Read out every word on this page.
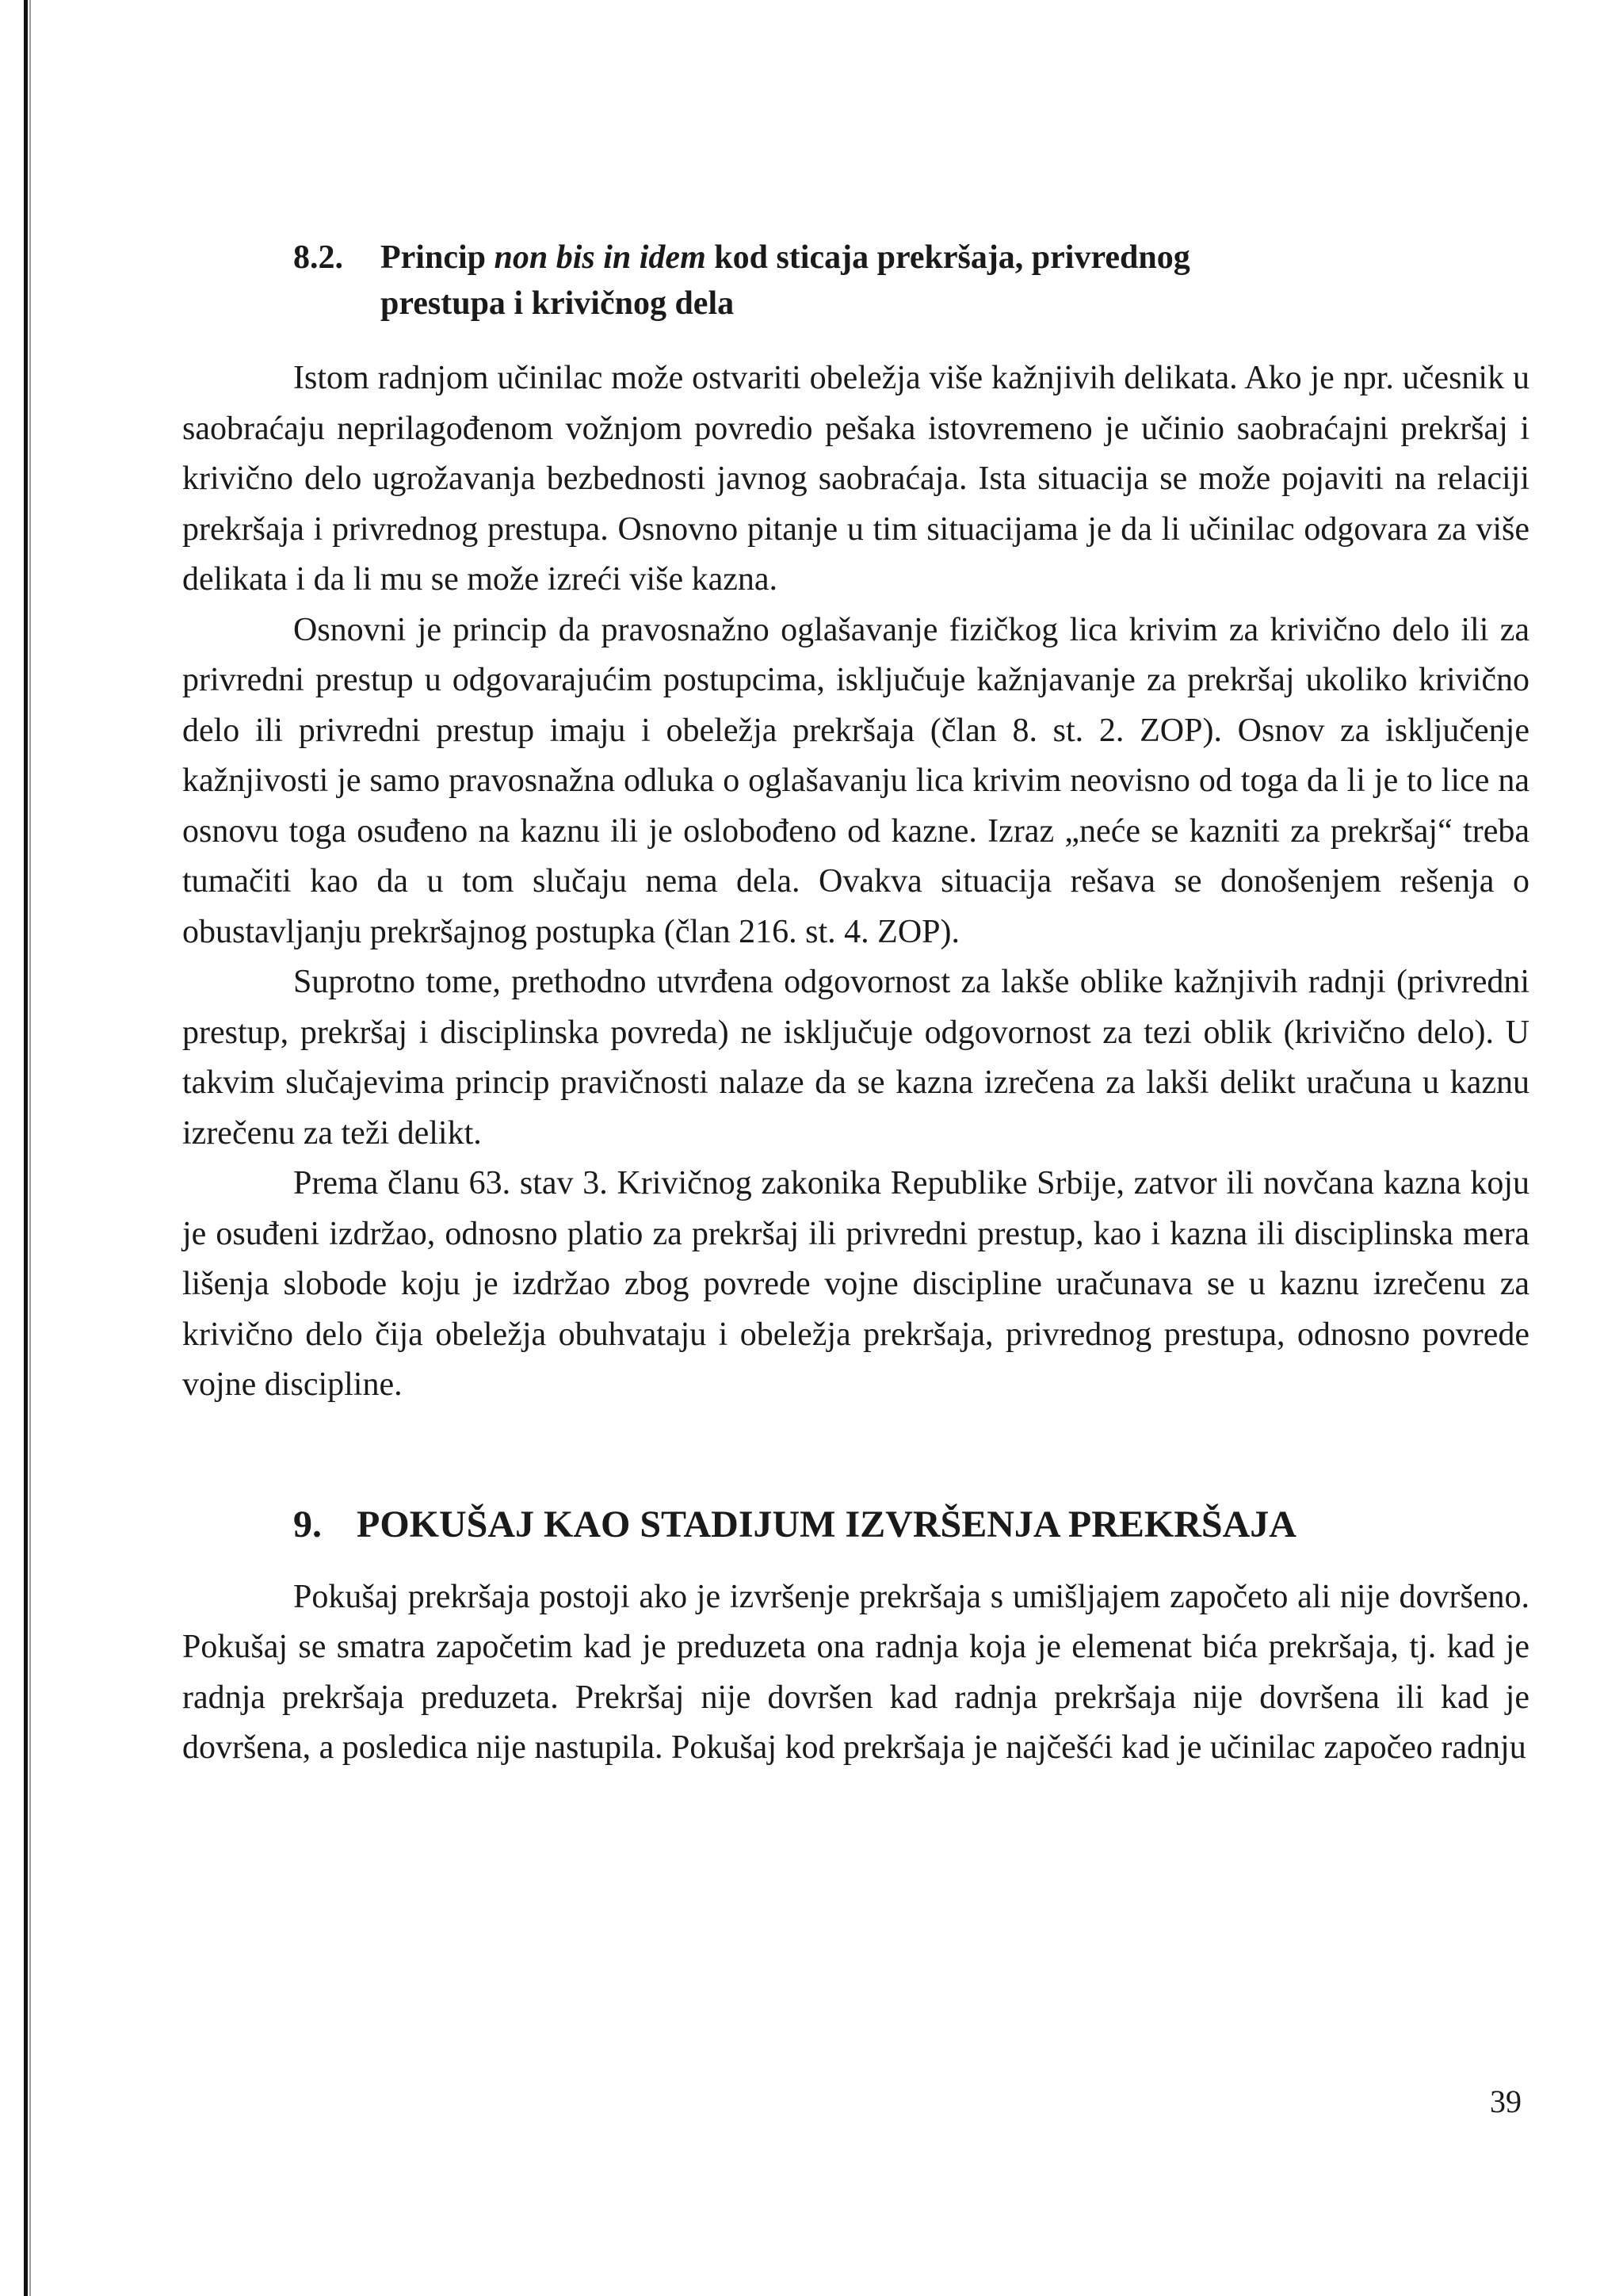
8.2.	Princip non bis in idem kod sticaja prekršaja, privrednog prestupa i krivičnog dela

Istom radnjom učinilac može ostvariti obeležja više kažnjivih delikata. Ako je npr. učesnik u saobraćaju neprilagođenom vožnjom povredio pešaka istovremeno je učinio saobraćajni prekršaj i krivično delo ugrožavanja bezbednosti javnog saobraćaja. Ista situacija se može pojaviti na relaciji prekršaja i privrednog prestupa. Osnovno pitanje u tim situacijama je da li učinilac odgovara za više delikata i da li mu se može izreći više kazna.

Osnovni je princip da pravosnažno oglašavanje fizičkog lica krivim za krivično delo ili za privredni prestup u odgovarajućim postupcima, isključuje kažnjavanje za prekršaj ukoliko krivično delo ili privredni prestup imaju i obeležja prekršaja (član 8. st. 2. ZOP). Osnov za isključenje kažnjivosti je samo pravosnažna odluka o oglašavanju lica krivim neovisno od toga da li je to lice na osnovu toga osuđeno na kaznu ili je oslobođeno od kazne. Izraz „neće se kazniti za prekršaj“ treba tumačiti kao da u tom slučaju nema dela. Ovakva situacija rešava se donošenjem rešenja o obustavljanju prekršajnog postupka (član 216. st. 4. ZOP).

Suprotno tome, prethodno utvrđena odgovornost za lakše oblike kažnjivih radnji (privredni prestup, prekršaj i disciplinska povreda) ne isključuje odgovornost za tezi oblik (krivično delo). U takvim slučajevima princip pravičnosti nalaze da se kazna izrečena za lakši delikt uračuna u kaznu izrečenu za teži delikt.

Prema članu 63. stav 3. Krivičnog zakonika Republike Srbije, zatvor ili novčana kazna koju je osuđeni izdržao, odnosno platio za prekršaj ili privredni prestup, kao i kazna ili disciplinska mera lišenja slobode koju je izdržao zbog povrede vojne discipline uračunava se u kaznu izrečenu za krivično delo čija obeležja obuhvataju i obeležja prekršaja, privrednog prestupa, odnosno povrede vojne discipline.

9. POKUŠAJ KAO STADIJUM IZVRŠENJA PREKRŠAJA

Pokušaj prekršaja postoji ako je izvršenje prekršaja s umišljajem započeto ali nije dovršeno. Pokušaj se smatra započetim kad je preduzeta ona radnja koja je elemenat bića prekršaja, tj. kad je radnja prekršaja preduzeta. Prekršaj nije dovršen kad radnja prekršaja nije dovršena ili kad je dovršena, a posledica nije nastupila. Pokušaj kod prekršaja je najčešći kad je učinilac započeo radnju

39
